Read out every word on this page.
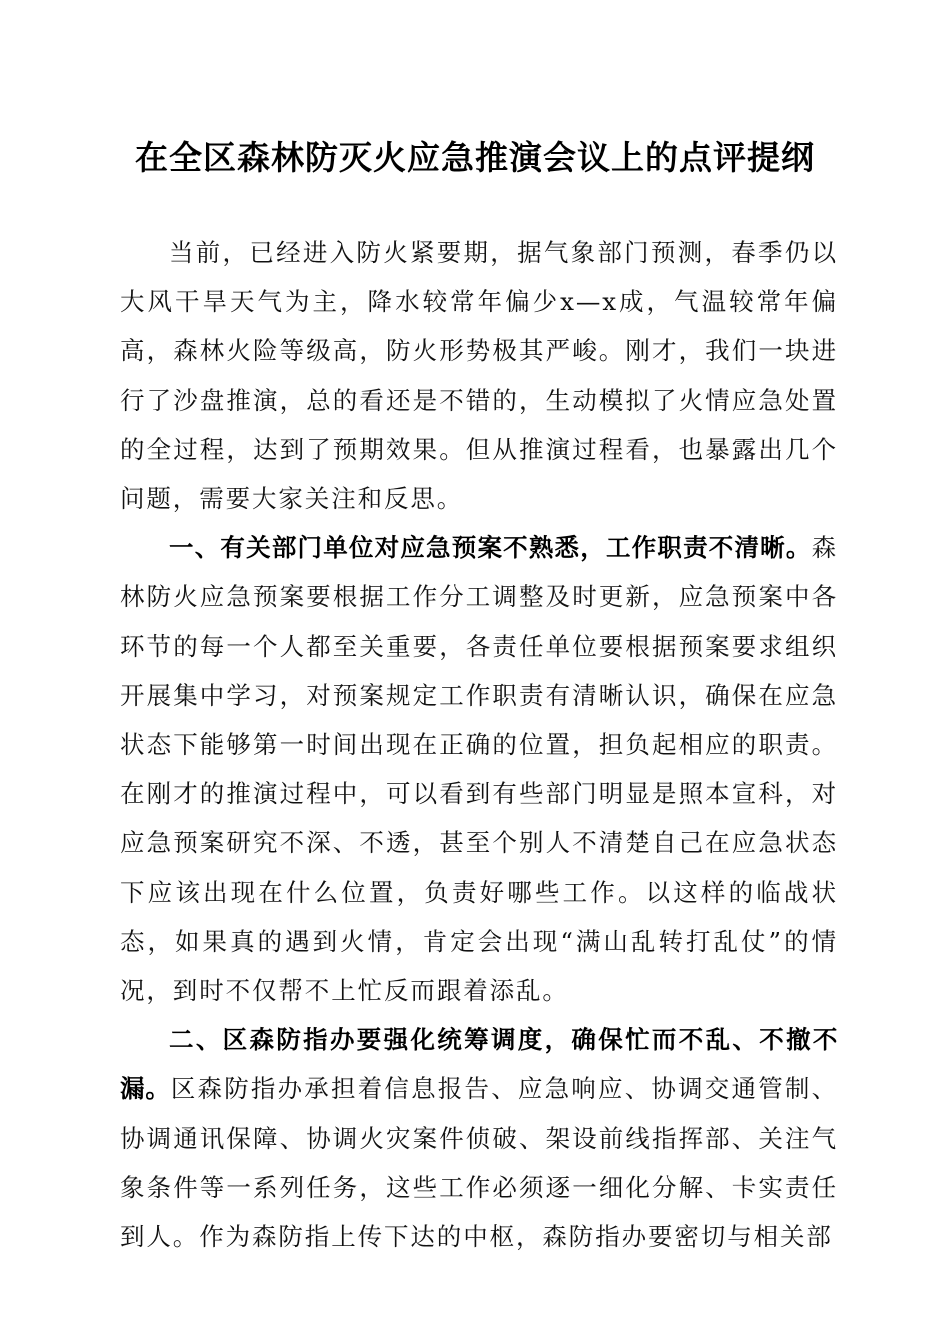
在全区森林防灭火应急推演会议上的点评提纲

当前，已经进入防火紧要期，据气象部门预测，春季仍以大风干旱天气为主，降水较常年偏少x—x成，气温较常年偏高，森林火险等级高，防火形势极其严峻。刚才，我们一块进行了沙盘推演，总的看还是不错的，生动模拟了火情应急处置的全过程，达到了预期效果。但从推演过程看，也暴露出几个问题，需要大家关注和反思。

一、有关部门单位对应急预案不熟悉，工作职责不清晰。森林防火应急预案要根据工作分工调整及时更新，应急预案中各环节的每一个人都至关重要，各责任单位要根据预案要求组织开展集中学习，对预案规定工作职责有清晰认识，确保在应急状态下能够第一时间出现在正确的位置，担负起相应的职责。在刚才的推演过程中，可以看到有些部门明显是照本宣科，对应急预案研究不深、不透，甚至个别人不清楚自己在应急状态下应该出现在什么位置，负责好哪些工作。以这样的临战状态，如果真的遇到火情，肯定会出现“满山乱转打乱仗”的情况，到时不仅帮不上忙反而跟着添乱。

二、区森防指办要强化统筹调度，确保忙而不乱、不撤不漏。区森防指办承担着信息报告、应急响应、协调交通管制、协调通讯保障、协调火灾案件侦破、架设前线指挥部、关注气象条件等一系列任务，这些工作必须逐一细化分解、卡实责任到人。作为森防指上传下达的中枢，森防指办要密切与相关部
